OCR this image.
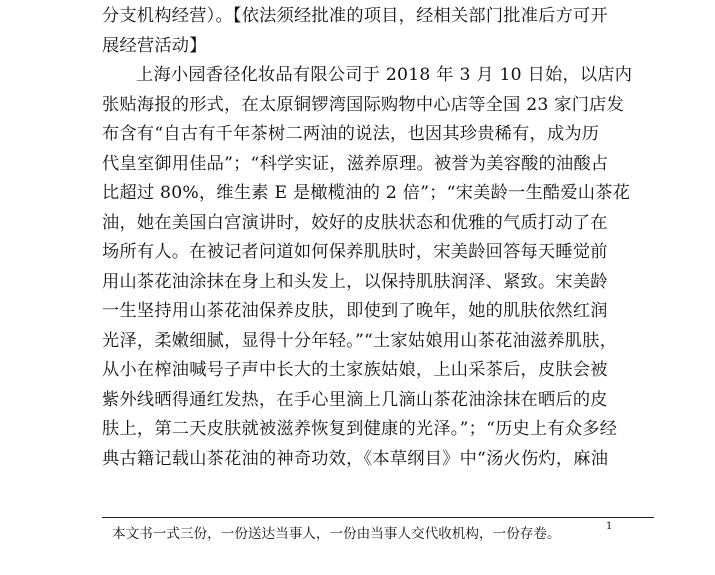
分支机构经营）。【依法须经批准的项目，经相关部门批准后方可开
展经营活动】
上海小园香径化妆品有限公司于 2018 年 3 月 10 日始，以店内
张贴海报的形式，在太原铜锣湾国际购物中心店等全国 23 家门店发
布含有“自古有千年茶树二两油的说法，也因其珍贵稀有，成为历
代皇室御用佳品”；“科学实证，滋养原理。被誉为美容酸的油酸占
比超过 80%，维生素 E 是橄榄油的 2 倍”；“宋美龄一生酷爱山茶花
油，她在美国白宫演讲时，姣好的皮肤状态和优雅的气质打动了在
场所有人。在被记者问道如何保养肌肤时，宋美龄回答每天睡觉前
用山茶花油涂抹在身上和头发上，以保持肌肤润泽、紧致。宋美龄
一生坚持用山茶花油保养皮肤，即使到了晚年，她的肌肤依然红润
光泽，柔嫩细腻，显得十分年轻。”“土家姑娘用山茶花油滋养肌肤，
从小在榨油喊号子声中长大的土家族姑娘，上山采茶后，皮肤会被
紫外线晒得通红发热，在手心里滴上几滴山茶花油涂抹在晒后的皮
肤上，第二天皮肤就被滋养恢复到健康的光泽。”；“历史上有众多经
典古籍记载山茶花油的神奇功效，《本草纲目》中“汤火伤灼，麻油
本文书一式三份，一份送达当事人，一份由当事人交代收机构，一份存卷。	1
